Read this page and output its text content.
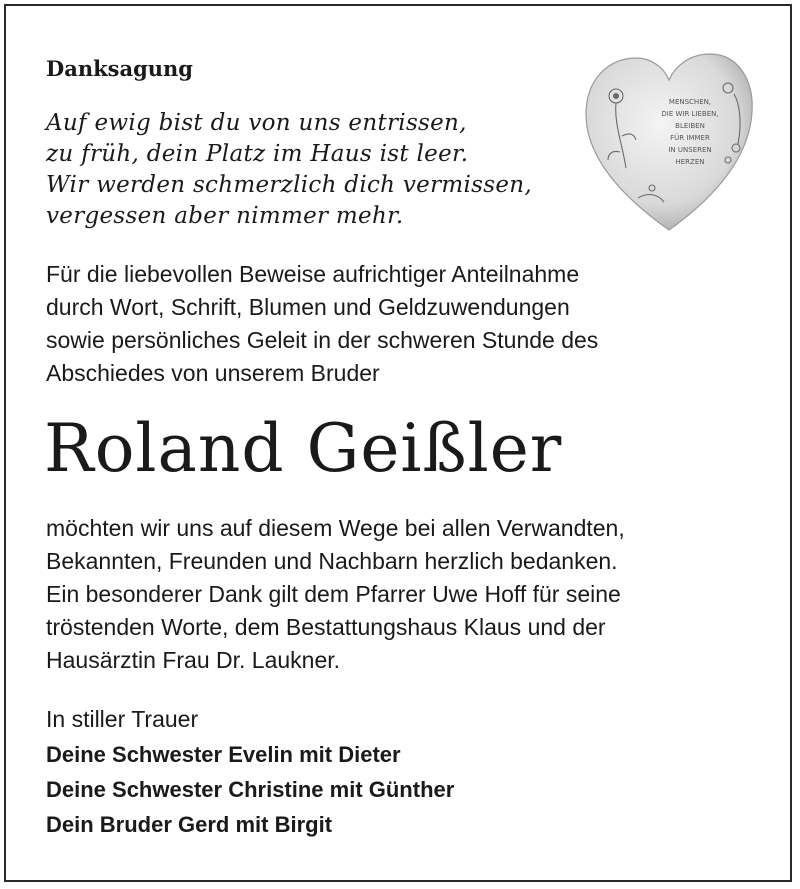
Danksagung
Auf ewig bist du von uns entrissen,
zu früh, dein Platz im Haus ist leer.
Wir werden schmerzlich dich vermissen,
vergessen aber nimmer mehr.
MENSCHEN,
DIE WIR LIEBEN,
BLEIBEN
FÜR IMMER
IN UNSEREN
HERZEN
Für die liebevollen Beweise aufrichtiger Anteilnahme
durch Wort, Schrift, Blumen und Geldzuwendungen
sowie persönliches Geleit in der schweren Stunde des
Abschiedes von unserem Bruder
Roland Geißler
möchten wir uns auf diesem Wege bei allen Verwandten,
Bekannten, Freunden und Nachbarn herzlich bedanken.
Ein besonderer Dank gilt dem Pfarrer Uwe Hoff für seine
tröstenden Worte, dem Bestattungshaus Klaus und der
Hausärztin Frau Dr. Laukner.
In stiller Trauer
Deine Schwester Evelin mit Dieter
Deine Schwester Christine mit Günther
Dein Bruder Gerd mit Birgit
